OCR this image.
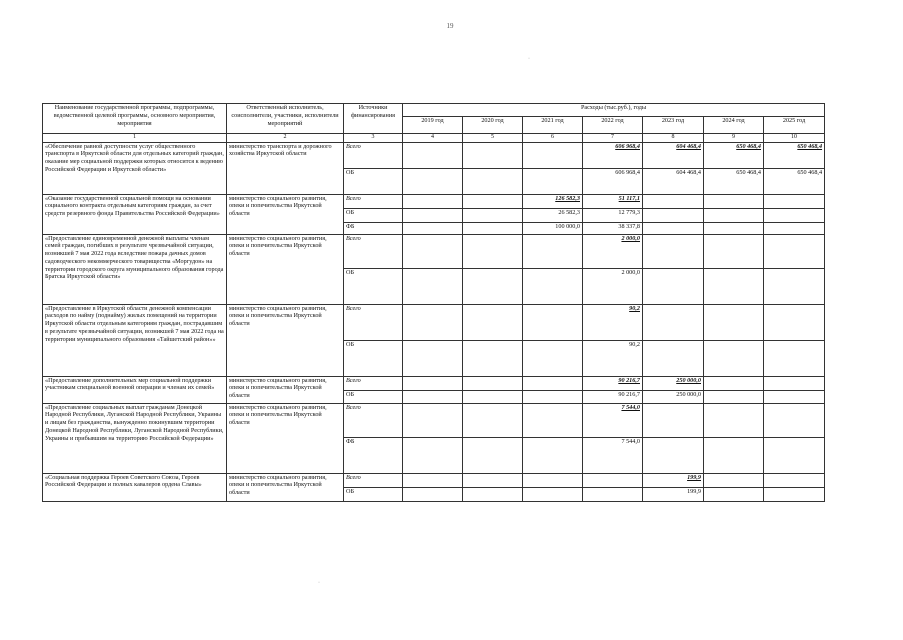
19
Наименование государственной программы, подпрограммы, ведомственной целевой программы, основного мероприятия, мероприятия	Ответственный исполнитель, соисполнители, участники, исполнители мероприятий	Источники финансирования	Расходы (тыс.руб.), годы						
			2019 год	2020 год	2021 год	2022 год	2023 год	2024 год	2025 год
1	2	3	4	5	6	7	8	9	10
«Обеспечение равной доступности услуг общественного транспорта в Иркутской области для отдельных категорий граждан, оказание мер социальной поддержки которых относится к ведению Российской Федерации и Иркутской области»	министерство транспорта и дорожного хозяйства Иркутской области	Всего				606 968,4	604 468,4	650 468,4	650 468,4
		ОБ				606 968,4	604 468,4	650 468,4	650 468,4
«Оказание государственной социальной помощи на основании социального контракта отдельным категориям граждан, за счет средств резервного фонда Правительства Российской Федерации»	министерство социального развития, опеки и попечительства Иркутской области	Всего			126 582,3	51 117,1			
		ОБ			26 582,3	12 779,3			
		ФБ			100 000,0	38 337,8			
«Предоставление единовременной денежной выплаты членам семей граждан, погибших в результате чрезвычайной ситуации, возникшей 7 мая 2022 года вследствие пожара дачных домов садоводческого некоммерческого товарищества «Моргудон» на территории городского округа муниципального образования города Братска Иркутской области»	министерство социального развития, опеки и попечительства Иркутской области	Всего				2 000,0			
		ОБ				2 000,0			
«Предоставление в Иркутской области денежной компенсации расходов по найму (поднайму) жилых помещений на территории Иркутской области отдельным категориям граждан, пострадавшим в результате чрезвычайной ситуации, возникшей 7 мая 2022 года на территории муниципального образования «Тайшетский район»»	министерство социального развития, опеки и попечительства Иркутской области	Всего				90,2			
		ОБ				90,2			
«Предоставление дополнительных мер социальной поддержки участникам специальной военной операции и членам их семей»	министерство социального развития, опеки и попечительства Иркутской области	Всего				90 216,7	250 000,0		
		ОБ				90 216,7	250 000,0		
«Предоставление социальных выплат гражданам Донецкой Народной Республики, Луганской Народной Республики, Украины и лицам без гражданства, вынужденно покинувшим территории Донецкой Народной Республики, Луганской Народной Республики, Украины и прибывшим на территорию Российской Федерации»	министерство социального развития, опеки и попечительства Иркутской области	Всего				7 544,0			
		ФБ				7 544,0			
«Социальная поддержка Героев Советского Союза, Героев Российской Федерации и полных кавалеров ордена Славы»	министерство социального развития, опеки и попечительства Иркутской области	Всего					199,9		
		ОБ					199,9		
·
·
